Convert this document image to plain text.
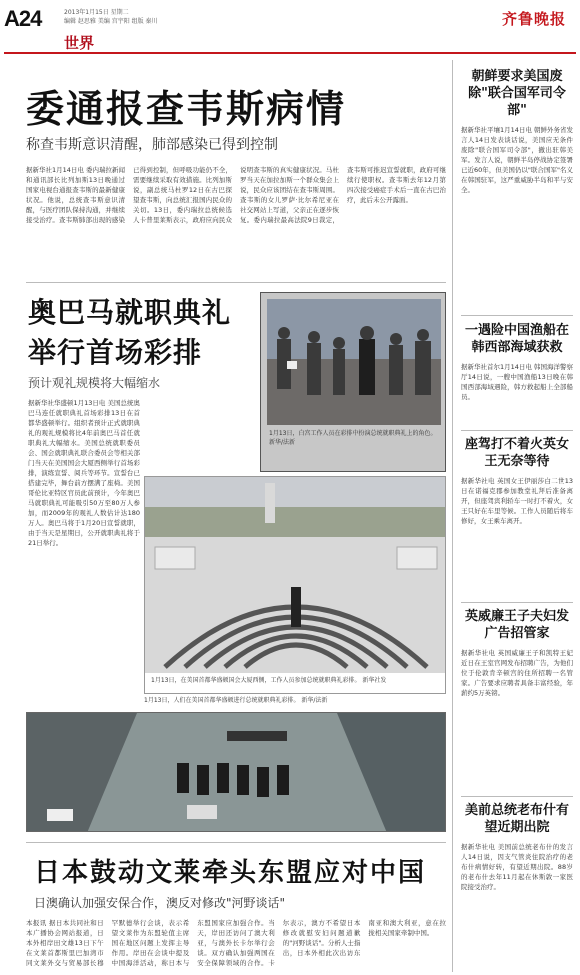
A24	2013年1月15日 星期二
编辑 赵思雅 美编 宫宇阳 组版 秦川
世界
齐鲁晚报
委通报查韦斯病情
称查韦斯意识清醒，肺部感染已得到控制
据新华社1月14日电 委内瑞拉新闻和通讯部长比列加斯13日晚通过国家电视台通报查韦斯的最新健康状况。他说，总统查韦斯意识清醒，与医疗团队保持沟通，并继续接受治疗。查韦斯肺部出现的感染已得到控制，但呼吸功能仍不全，需要继续采取有效措施。比列加斯说，副总统马杜罗12日在古巴探望查韦斯，向总统汇报国内民众的关切。13日，委内瑞拉总统候选人卡普里莱斯表示，政府应向民众说明查韦斯的真实健康状况。马杜罗当天在加拉加斯一个群众集会上说，民众应该团结在查韦斯周围。查韦斯的女儿罗萨·比尔希尼亚在社交网站上写道，父亲正在逐步恢复。委内瑞拉最高法院9日裁定，查韦斯可推迟宣誓就职，政府可继续行使职权。查韦斯去年12月第四次接受癌症手术后一直在古巴治疗，此后未公开露面。
奥巴马就职典礼举行首场彩排
预计观礼规模将大幅缩水
据新华社华盛顿1月13日电 美国总统奥巴马连任就职典礼首场彩排13日在首都华盛顿举行。组织者预计正式就职典礼的观礼规模将比4年前奥巴马首任就职典礼大幅缩水。美国总统就职委员会、国会就职典礼联合委员会等相关部门当天在美国国会大厦西侧举行首场彩排，演练宣誓、阅兵等环节。宣誓台已搭建完毕，舞台前方摆满了座椅。美国哥伦比亚特区官员此前预计，今年奥巴马就职典礼可能吸引50万至80万人参加，而2009年的观礼人数估计达180万人。奥巴马将于1月20日宣誓就职，由于当天是星期日，公开就职典礼将于21日举行。
1月13日，白宫工作人员在彩排中扮演总统就职典礼上的角色。 新华/法新
1月13日，在美国首都华盛顿国会大厦西侧，工作人员参加总统就职典礼彩排。 新华社发
1月13日，人们在美国首都华盛顿进行总统就职典礼彩排。 新华/法新
日本鼓动文莱牵头东盟应对中国
日澳确认加强安保合作，澳反对修改"河野谈话"
本报讯 据日本共同社和日本广播协会网站报道，日本外相岸田文雄13日下午在文莱首都斯里巴加湾市同文莱外交与贸易部长穆罕默德举行会谈，表示希望文莱作为东盟轮值主席国在地区问题上发挥主导作用。岸田在会谈中提及中国海洋活动，称日本与东盟国家应加强合作。当天，岸田还访问了澳大利亚，与澳外长卡尔举行会谈。双方确认加强两国在安全保障领域的合作。卡尔表示，澳方不希望日本修改就慰安妇问题道歉的"河野谈话"。分析人士指出，日本外相此次出访东南亚和澳大利亚，意在拉拢相关国家牵制中国。
朝鲜要求美国废除"联合国军司令部"
据新华社平壤1月14日电 朝鲜外务省发言人14日发表谈话说，美国应无条件废除"联合国军司令部"，撤出驻韩美军。发言人说，朝鲜半岛停战协定签署已近60年，但美国仍以"联合国军"名义在韩国驻军，这严重威胁半岛和平与安全。
一遇险中国渔船在韩西部海域获救
据新华社首尔1月14日电 韩国海洋警察厅14日说，一艘中国渔船13日晚在韩国西部海域遇险，韩方救起船上全部船员。
座驾打不着火英女王无奈等待
据新华社电 英国女王伊丽莎白二世13日在诺福克郡参加教堂礼拜后准备离开，但座驾宾利轿车一时打不着火，女王只好在车里等候。工作人员随后将车修好，女王乘车离开。
英威廉王子夫妇发广告招管家
据新华社电 英国威廉王子和凯特王妃近日在王室官网发布招聘广告，为他们位于伦敦肯辛顿宫的住所招聘一名管家。广告要求应聘者具备丰富经验，年薪约5万英镑。
美前总统老布什有望近期出院
据新华社电 美国前总统老布什的发言人14日说，因支气管炎住院治疗的老布什病情好转，有望近期出院。88岁的老布什去年11月起在休斯敦一家医院接受治疗。
